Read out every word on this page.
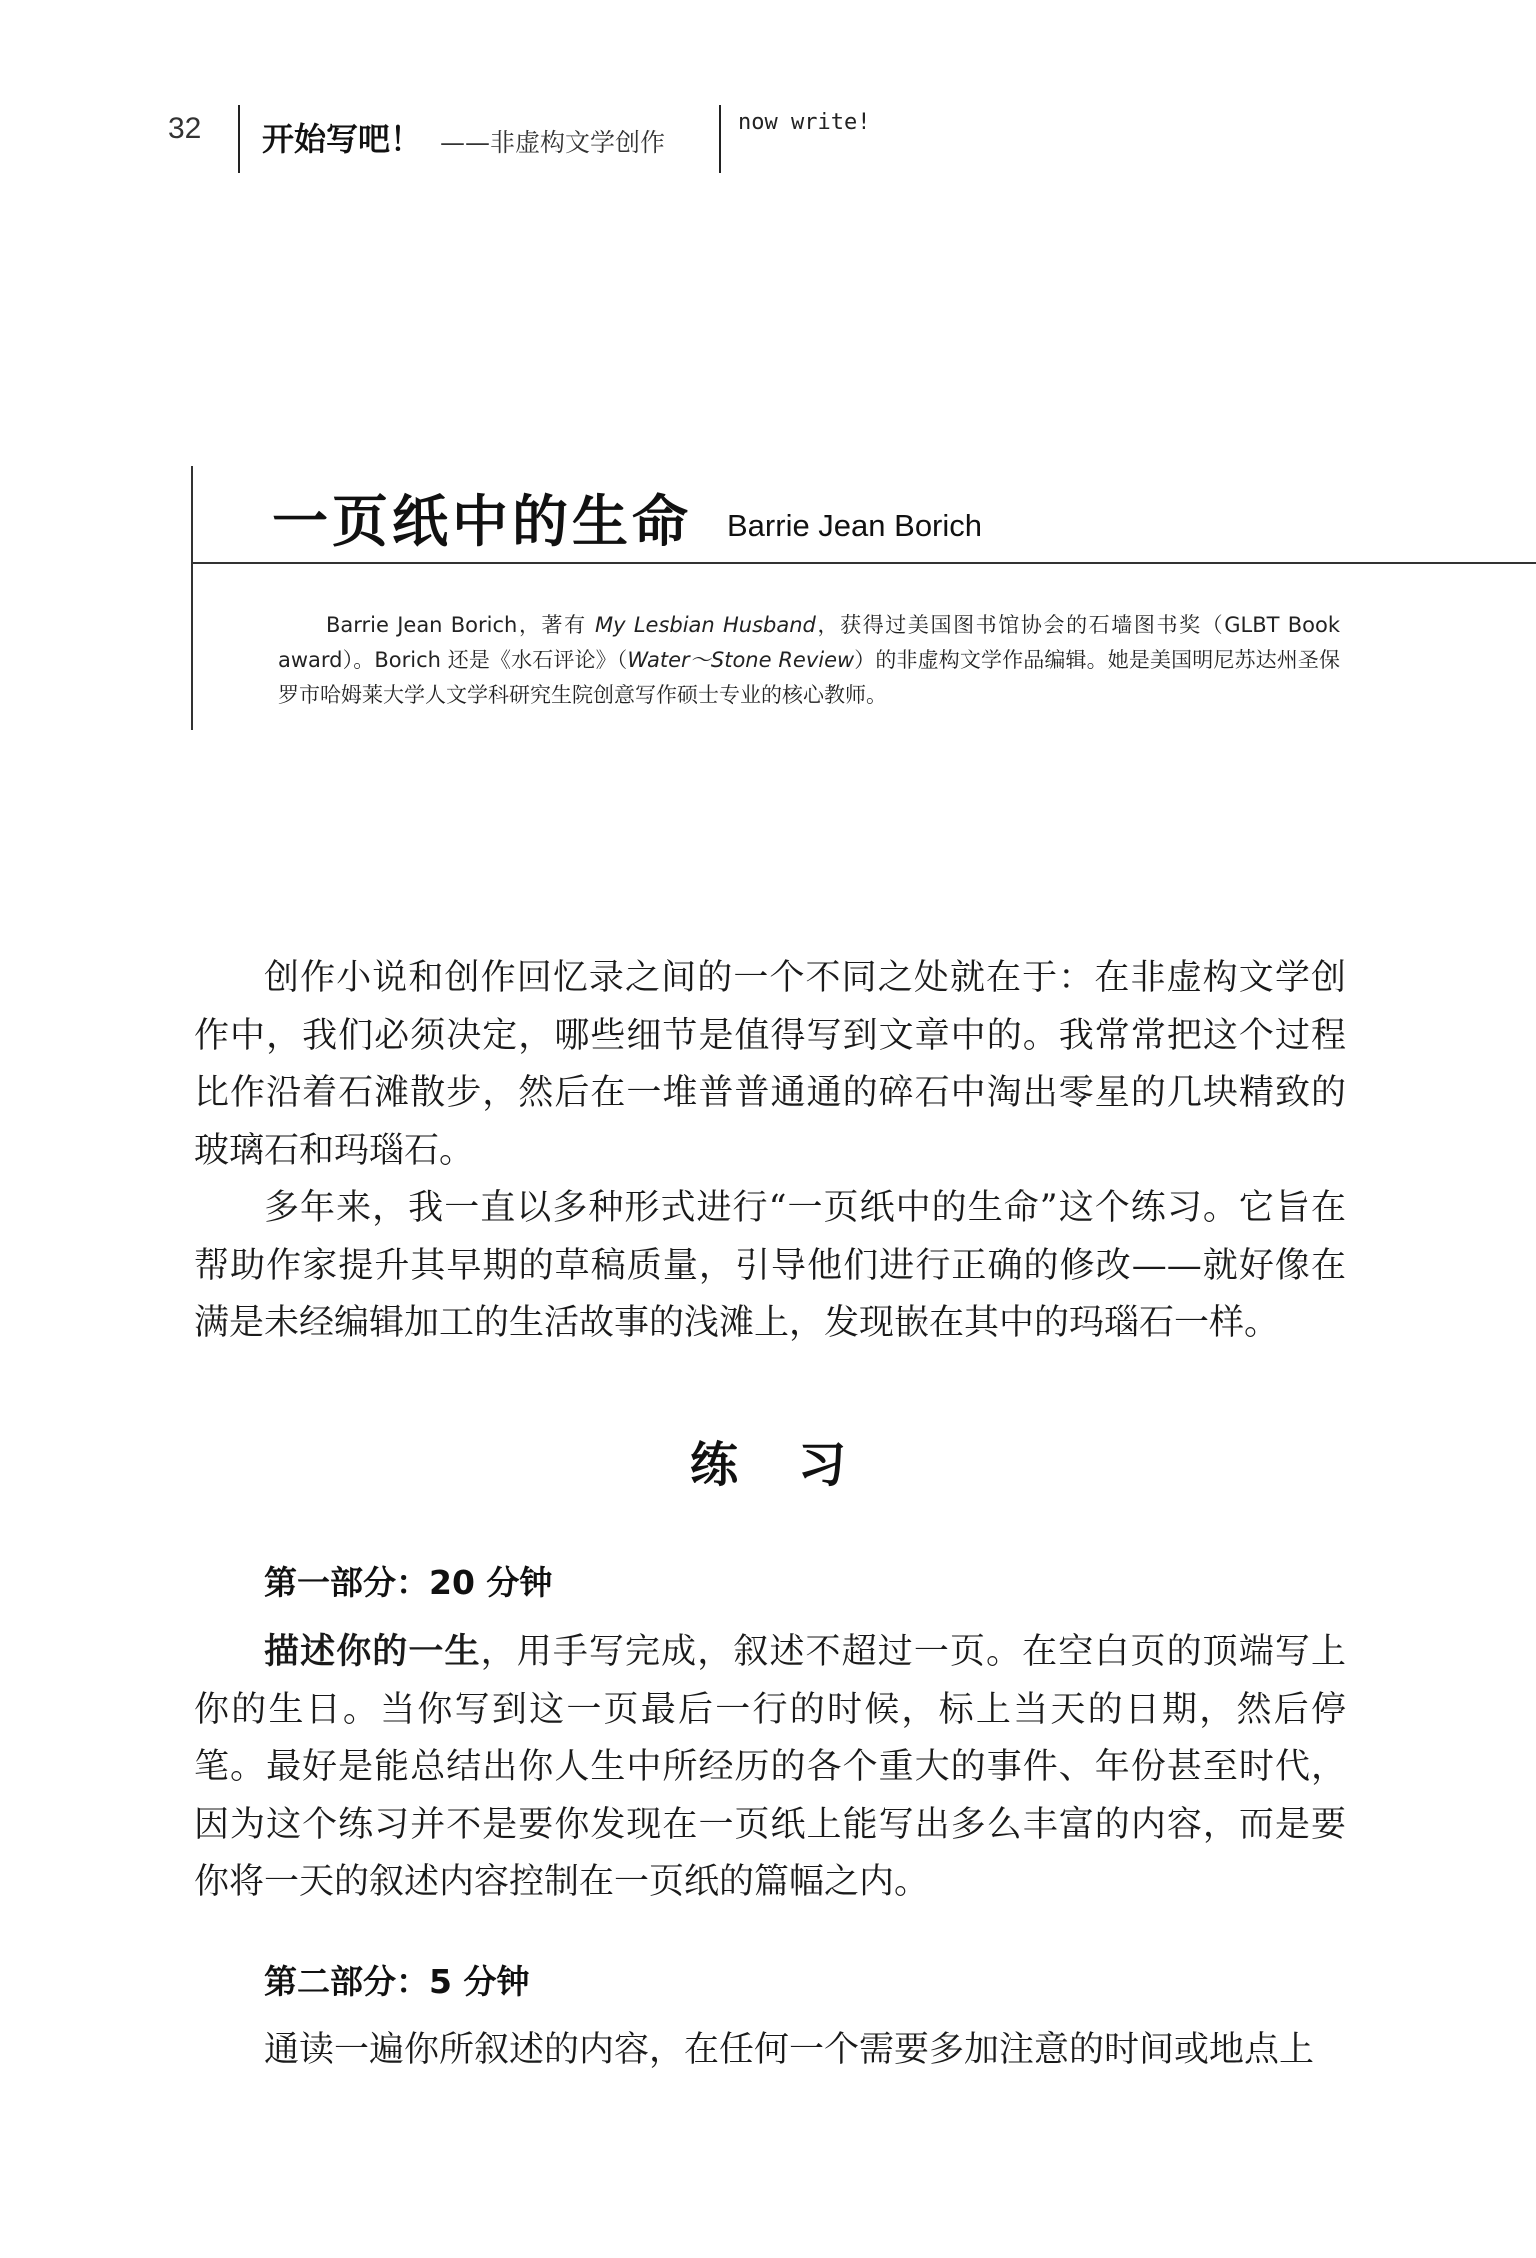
32 开始写吧！ ——非虚构文学创作
now write!
一页纸中的生命 Barrie Jean Borich

Barrie Jean Borich，著有 My Lesbian Husband，获得过美国图书馆协会的石墙图书奖（GLBT Book award）。Borich 还是《水石评论》（Water～Stone Review）的非虚构文学作品编辑。她是美国明尼苏达州圣保罗市哈姆莱大学人文学科研究生院创意写作硕士专业的核心教师。

创作小说和创作回忆录之间的一个不同之处就在于：在非虚构文学创作中，我们必须决定，哪些细节是值得写到文章中的。我常常把这个过程比作沿着石滩散步，然后在一堆普普通通的碎石中淘出零星的几块精致的玻璃石和玛瑙石。

多年来，我一直以多种形式进行“一页纸中的生命”这个练习。它旨在帮助作家提升其早期的草稿质量，引导他们进行正确的修改——就好像在满是未经编辑加工的生活故事的浅滩上，发现嵌在其中的玛瑙石一样。

练习
第一部分：20 分钟

描述你的一生，用手写完成，叙述不超过一页。在空白页的顶端写上你的生日。当你写到这一页最后一行的时候，标上当天的日期，然后停笔。最好是能总结出你人生中所经历的各个重大的事件、年份甚至时代，因为这个练习并不是要你发现在一页纸上能写出多么丰富的内容，而是要你将一天的叙述内容控制在一页纸的篇幅之内。

第二部分：5 分钟

通读一遍你所叙述的内容，在任何一个需要多加注意的时间或地点上
